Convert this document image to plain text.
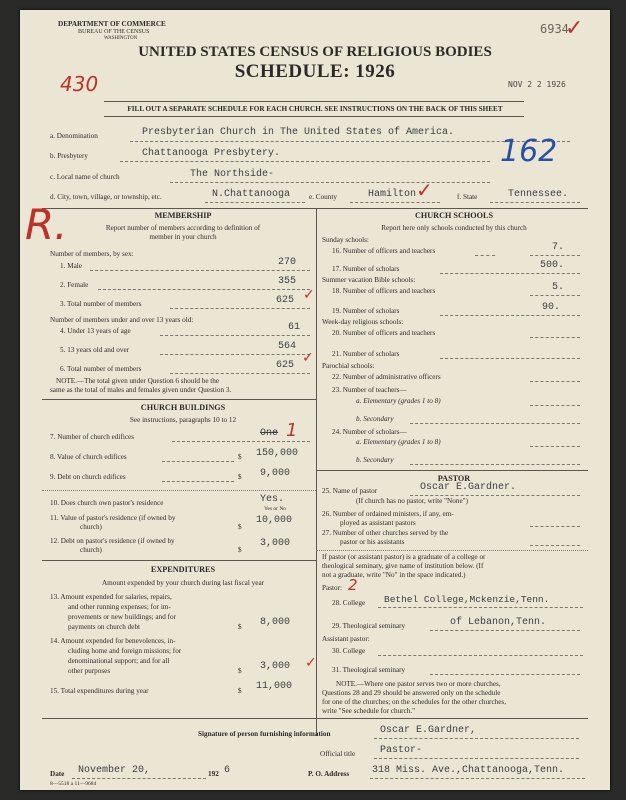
DEPARTMENT OF COMMERCE
BUREAU OF THE CENSUS
WASHINGTON	✓
6934
UNITED STATES CENSUS OF RELIGIOUS BODIES
SCHEDULE: 1926
430	NOV 2 2 1926
FILL OUT A SEPARATE SCHEDULE FOR EACH CHURCH. SEE INSTRUCTIONS ON THE BACK OF THIS SHEET
a. Denomination	Presbyterian Church in The United States of America.
162
b. Presbytery	Chattanooga Presbytery.
c. Local name of church	The Northside-
d. City, town, village, or township, etc.	N.Chattanooga	e. County	Hamilton ✓	f. State	Tennessee.
R.	MEMBERSHIP
Report number of members according to definition of
member in your church
Number of members, by sex:
1. Male	270
2. Female	355
3. Total number of members	625 ✓
Number of members under and over 13 years old:
4. Under 13 years of age	61
5. 13 years old and over	564
6. Total number of members	625 ✓
NOTE.—The total given under Question 6 should be the
same as the total of males and females given under Question 3.
CHURCH BUILDINGS
See instructions, paragraphs 10 to 12
7. Number of church edifices	One 1
8. Value of church edifices	$ 150,000
9. Debt on church edifices	$ 9,000
10. Does church own pastor's residence	Yes.
Yes or No
11. Value of pastor's residence (if owned by
church)	$
10,000
12. Debt on pastor's residence (if owned by
church)	$
3,000
EXPENDITURES
Amount expended by your church during last fiscal year
13. Amount expended for salaries, repairs,
and other running expenses; for im-
provements or new buildings; and for
payments on church debt	$ 8,000
14. Amount expended for benevolences, in-
cluding home and foreign missions; for
denominational support; and for all
other purposes	$ 3,000 ✓
15. Total expenditures during year	$ 11,000
CHURCH SCHOOLS
Report here only schools conducted by this church
Sunday schools:
16. Number of officers and teachers	7.
17. Number of scholars	500.
Summer vacation Bible schools:
18. Number of officers and teachers	5.
19. Number of scholars	90.
Week-day religious schools:
20. Number of officers and teachers
21. Number of scholars
Parochial schools:
22. Number of administrative officers
23. Number of teachers—
a. Elementary (grades 1 to 8)
b. Secondary
24. Number of scholars—
a. Elementary (grades 1 to 8)
b. Secondary
PASTOR
25. Name of pastor	Oscar E.Gardner.
(If church has no pastor, write "None")
26. Number of ordained ministers, if any, em-
ployed as assistant pastors
27. Number of other churches served by the
pastor or his assistants
If pastor (or assistant pastor) is a graduate of a college or
theological seminary, give name of institution below. (If
not a graduate, write "No" in the space indicated.)
Pastor: 2
28. College Bethel College,Mckenzie,Tenn.
29. Theological seminary	of Lebanon,Tenn.
Assistant pastor:
30. College
31. Theological seminary
NOTE.—Where one pastor serves two or more churches,
Questions 28 and 29 should be answered only on the schedule
for one of the churches; on the schedules for the other churches,
write "See schedule for church."
Signature of person furnishing information	Oscar E.Gardner,
Official title Pastor-
Date November 20,	192 6	P. O. Address 318 Miss. Ave.,Chattanooga,Tenn.
8—5518 a 11—9684
